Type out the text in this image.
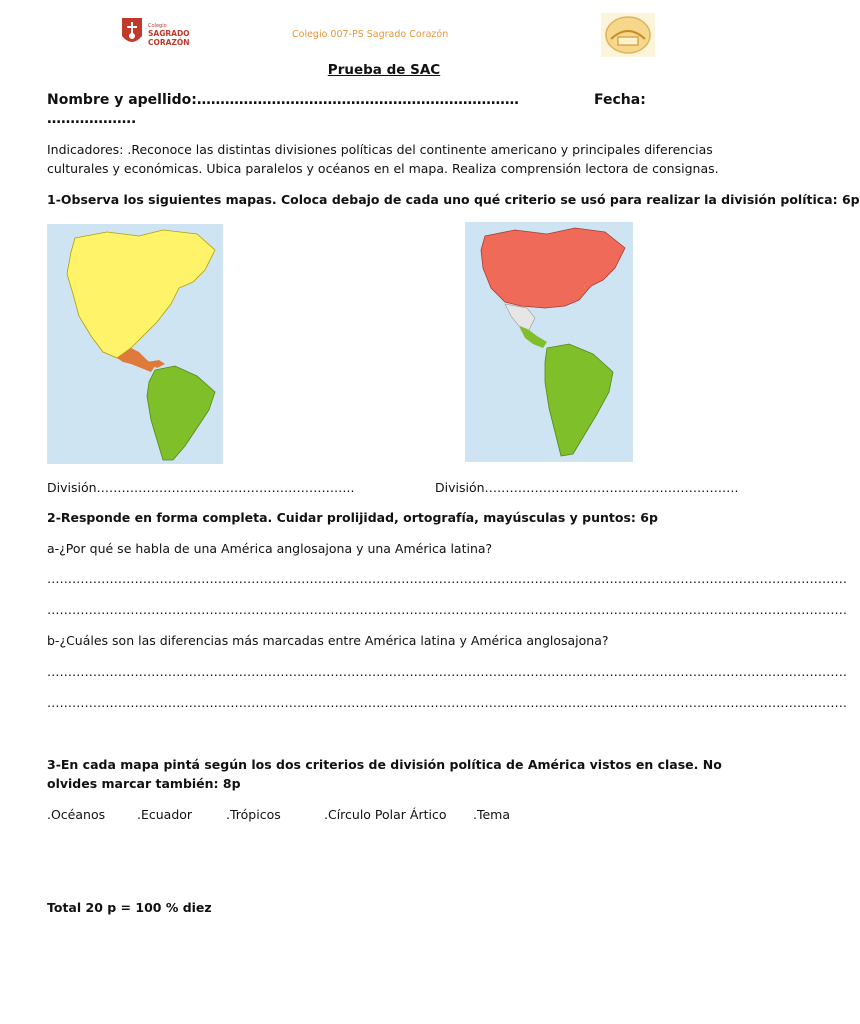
Colegio
SAGRADO
CORAZÓN
Colegio 007-PS Sagrado Corazón
Prueba de SAC
Nombre y apellido:……………………………………………………………	Fecha:
……………….
Indicadores: .Reconoce las distintas divisiones políticas del continente americano y principales diferencias culturales y económicas. Ubica paralelos y océanos en el mapa. Realiza comprensión lectora de consignas.
1-Observa los siguientes mapas. Coloca debajo de cada uno qué criterio se usó para realizar la división política: 6p
División……………………………………………………..	División…………………………………………………….
2-Responde en forma completa. Cuidar prolijidad, ortografía, mayúsculas y puntos: 6p
a-¿Por qué se habla de una América anglosajona y una América latina?
…………………………………………………………………………………………………………………………………………………………………………
…………………………………………………………………………………………………………………………………………………………………………
b-¿Cuáles son las diferencias más marcadas entre América latina y América anglosajona?
…………………………………………………………………………………………………………………………………………………………………………
…………………………………………………………………………………………………………………………………………………………………………
3-En cada mapa pintá según los dos criterios de división política de América vistos en clase. No olvides marcar también: 8p
.Océanos	.Ecuador	.Trópicos	.Círculo Polar Ártico .Tema
Total 20 p = 100 % diez
